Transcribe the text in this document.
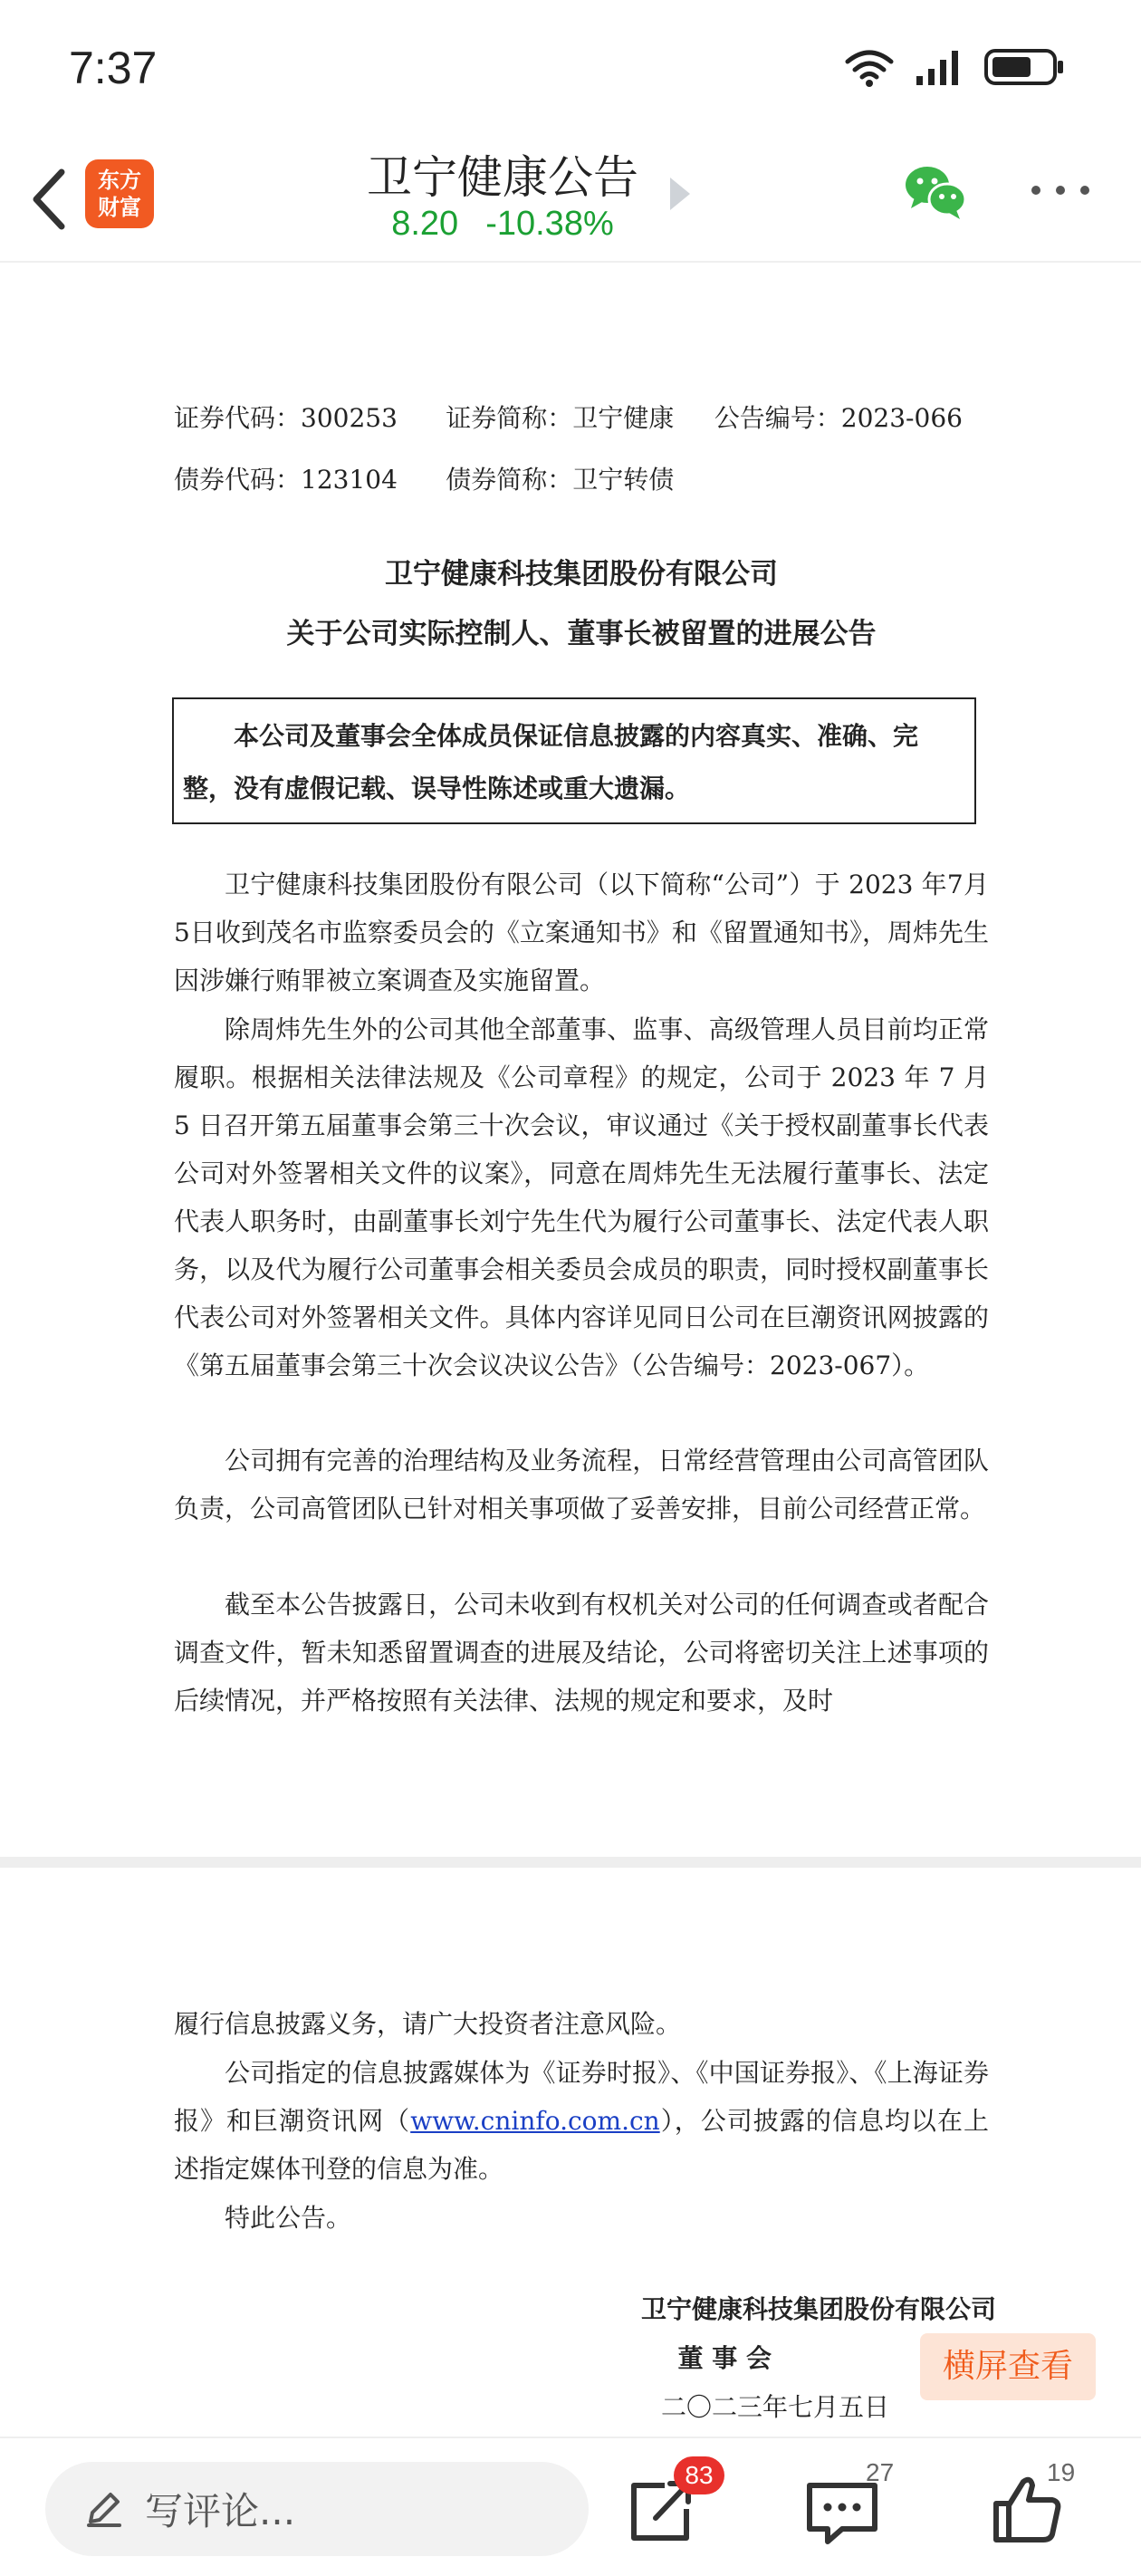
7:37
东方
财富
卫宁健康公告
8.20 -10.38%
证券代码：300253      证券简称：卫宁健康     公告编号：2023-066
债券代码：123104      债券简称：卫宁转债
卫宁健康科技集团股份有限公司
关于公司实际控制人、董事长被留置的进展公告
本公司及董事会全体成员保证信息披露的内容真实、准确、完整，没有虚假记载、误导性陈述或重大遗漏。

卫宁健康科技集团股份有限公司（以下简称“公司”）于 2023 年7月5日收到茂名市监察委员会的《立案通知书》和《留置通知书》，周炜先生因涉嫌行贿罪被立案调查及实施留置。

除周炜先生外的公司其他全部董事、监事、高级管理人员目前均正常履职。根据相关法律法规及《公司章程》的规定，公司于 2023 年 7 月 5 日召开第五届董事会第三十次会议，审议通过《关于授权副董事长代表公司对外签署相关文件的议案》，同意在周炜先生无法履行董事长、法定代表人职务时，由副董事长刘宁先生代为履行公司董事长、法定代表人职务，以及代为履行公司董事会相关委员会成员的职责，同时授权副董事长代表公司对外签署相关文件。具体内容详见同日公司在巨潮资讯网披露的《第五届董事会第三十次会议决议公告》（公告编号：2023-067）。

公司拥有完善的治理结构及业务流程，日常经营管理由公司高管团队负责，公司高管团队已针对相关事项做了妥善安排，目前公司经营正常。

截至本公告披露日，公司未收到有权机关对公司的任何调查或者配合调查文件，暂未知悉留置调查的进展及结论，公司将密切关注上述事项的后续情况，并严格按照有关法律、法规的规定和要求，及时

履行信息披露义务，请广大投资者注意风险。

公司指定的信息披露媒体为《证券时报》、《中国证券报》、《上海证券报》和巨潮资讯网（www.cninfo.com.cn），公司披露的信息均以在上述指定媒体刊登的信息为准。

特此公告。

卫宁健康科技集团股份有限公司
董 事 会
二〇二三年七月五日
横屏查看
写评论...
83	27	19
